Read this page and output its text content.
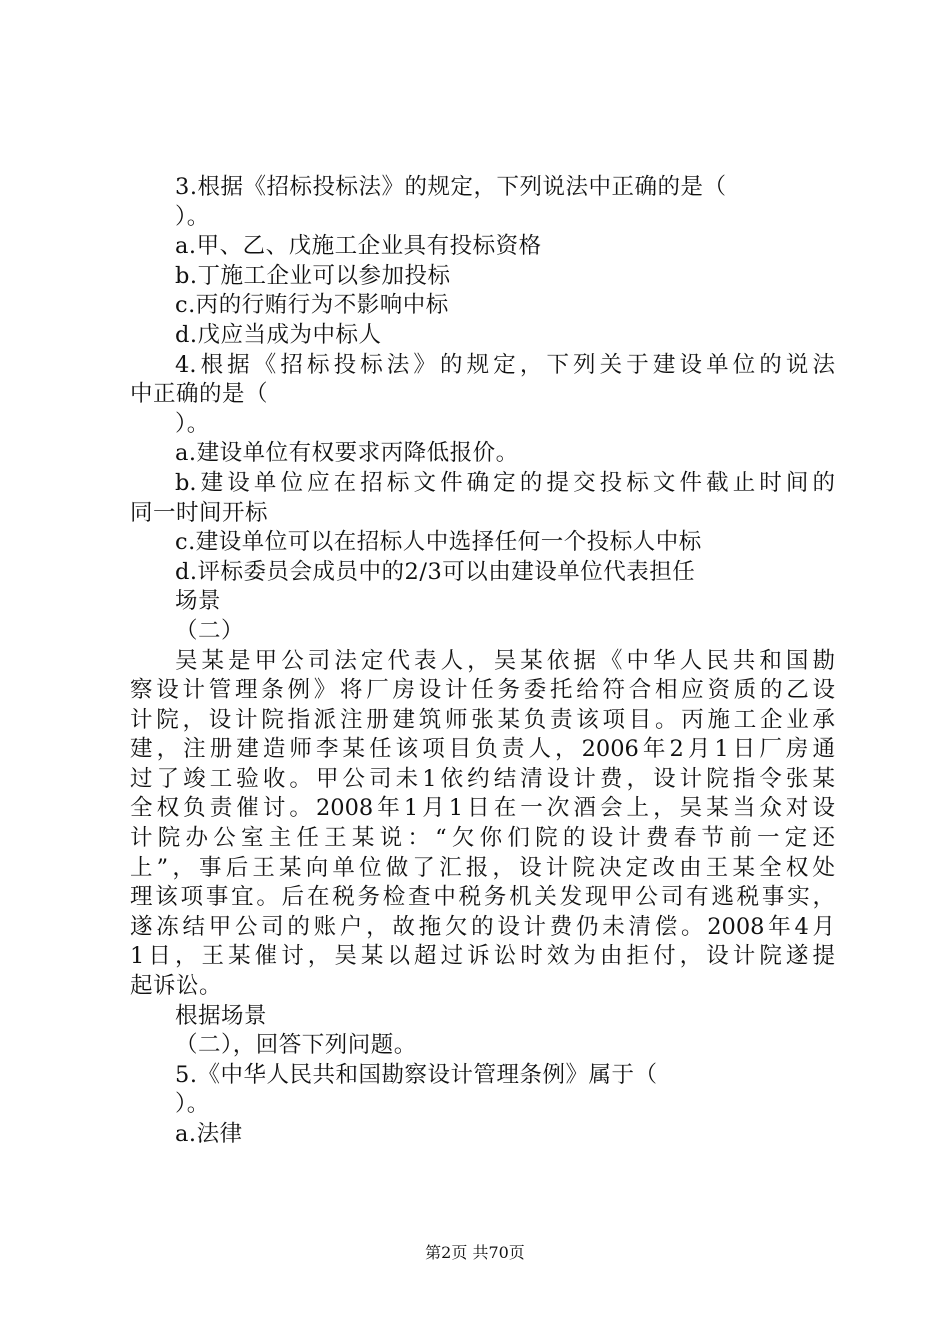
3.根据《招标投标法》的规定，下列说法中正确的是（
）。
a.甲、乙、戊施工企业具有投标资格
b.丁施工企业可以参加投标
c.丙的行贿行为不影响中标
d.戊应当成为中标人
4.根据《招标投标法》的规定，下列关于建设单位的说法
中正确的是（
）。
a.建设单位有权要求丙降低报价。
b.建设单位应在招标文件确定的提交投标文件截止时间的
同一时间开标
c.建设单位可以在招标人中选择任何一个投标人中标
d.评标委员会成员中的2/3可以由建设单位代表担任
场景
（二）
吴某是甲公司法定代表人，吴某依据《中华人民共和国勘
察设计管理条例》将厂房设计任务委托给符合相应资质的乙设
计院，设计院指派注册建筑师张某负责该项目。丙施工企业承
建，注册建造师李某任该项目负责人，2006年2月1日厂房通
过了竣工验收。甲公司未1依约结清设计费，设计院指令张某
全权负责催讨。2008年1月1日在一次酒会上，吴某当众对设
计院办公室主任王某说：“欠你们院的设计费春节前一定还
上”，事后王某向单位做了汇报，设计院决定改由王某全权处
理该项事宜。后在税务检查中税务机关发现甲公司有逃税事实，
遂冻结甲公司的账户，故拖欠的设计费仍未清偿。2008年4月
1日，王某催讨，吴某以超过诉讼时效为由拒付，设计院遂提
起诉讼。
根据场景
（二），回答下列问题。
5.《中华人民共和国勘察设计管理条例》属于（
）。
a.法律
第2页 共70页
